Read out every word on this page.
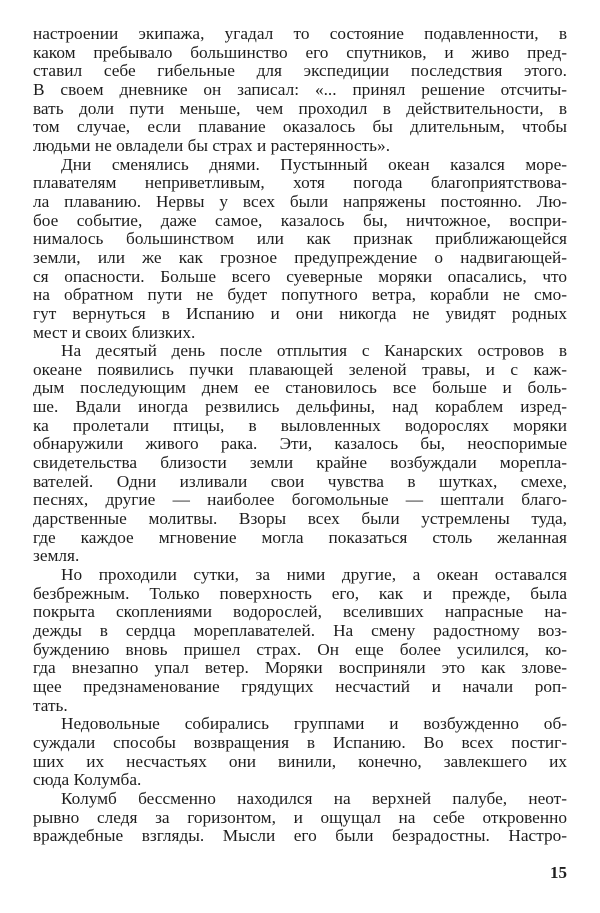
настроении экипажа, угадал то состояние подавленности, в
каком пребывало большинство его спутников, и живо пред-
ставил себе гибельные для экспедиции последствия этого.
В своем дневнике он записал: «... принял решение отсчиты-
вать доли пути меньше, чем проходил в действительности, в
том случае, если плавание оказалось бы длительным, чтобы
людьми не овладели бы страх и растерянность».
Дни сменялись днями. Пустынный океан казался море-
плавателям неприветливым, хотя погода благоприятствова-
ла плаванию. Нервы у всех были напряжены постоянно. Лю-
бое событие, даже самое, казалось бы, ничтожное, воспри-
нималось большинством или как признак приближающейся
земли, или же как грозное предупреждение о надвигающей-
ся опасности. Больше всего суеверные моряки опасались, что
на обратном пути не будет попутного ветра, корабли не смо-
гут вернуться в Испанию и они никогда не увидят родных
мест и своих близких.
На десятый день после отплытия с Канарских островов в
океане появились пучки плавающей зеленой травы, и с каж-
дым последующим днем ее становилось все больше и боль-
ше. Вдали иногда резвились дельфины, над кораблем изред-
ка пролетали птицы, в выловленных водорослях моряки
обнаружили живого рака. Эти, казалось бы, неоспоримые
свидетельства близости земли крайне возбуждали морепла-
вателей. Одни изливали свои чувства в шутках, смехе,
песнях, другие — наиболее богомольные — шептали благо-
дарственные молитвы. Взоры всех были устремлены туда,
где каждое мгновение могла показаться столь желанная
земля.
Но проходили сутки, за ними другие, а океан оставался
безбрежным. Только поверхность его, как и прежде, была
покрыта скоплениями водорослей, вселивших напрасные на-
дежды в сердца мореплавателей. На смену радостному воз-
буждению вновь пришел страх. Он еще более усилился, ко-
гда внезапно упал ветер. Моряки восприняли это как злове-
щее предзнаменование грядущих несчастий и начали роп-
тать.
Недовольные собирались группами и возбужденно об-
суждали способы возвращения в Испанию. Во всех постиг-
ших их несчастьях они винили, конечно, завлекшего их
сюда Колумба.
Колумб бессменно находился на верхней палубе, неот-
рывно следя за горизонтом, и ощущал на себе откровенно
враждебные взгляды. Мысли его были безрадостны. Настро-
15
